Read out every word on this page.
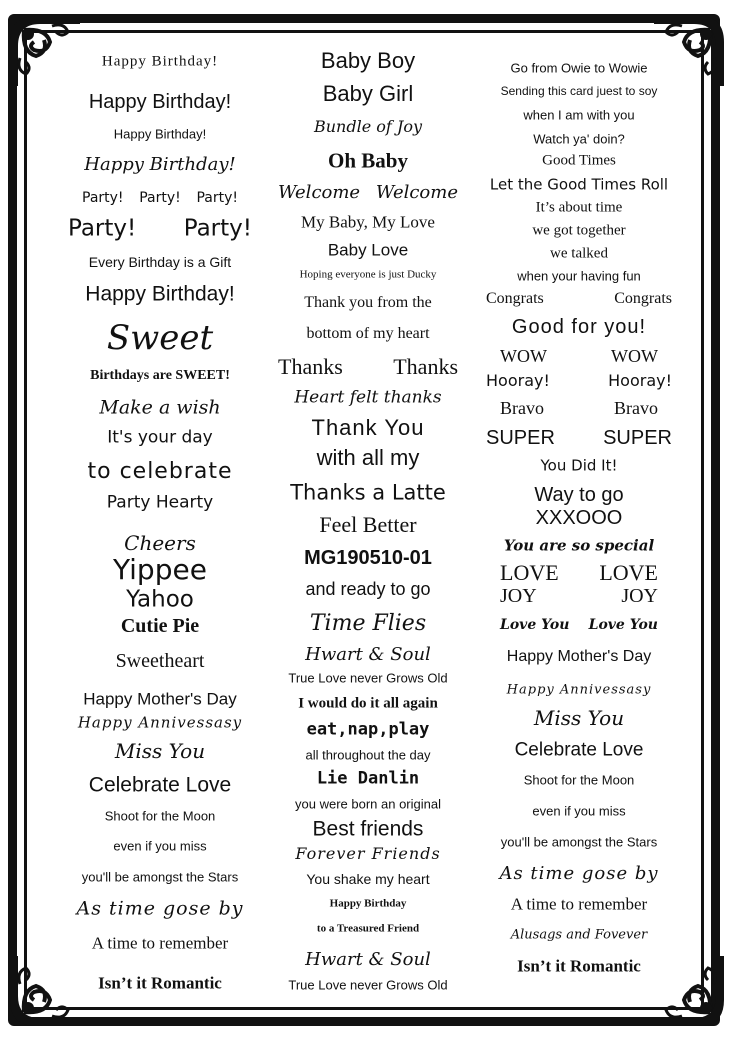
Happy Birthday!
Happy Birthday!
Happy Birthday!
Happy Birthday!
Party! Party! Party!
Party! Party!
Every Birthday is a Gift
Happy Birthday!
Sweet
Birthdays are SWEET!
Make a wish
It's your day
to celebrate
Party Hearty
Cheers
Yippee
Yahoo
Cutie Pie
Sweetheart
Happy Mother's Day
Happy Annivessasy
Miss You
Celebrate Love
Shoot for the Moon
even if you miss
you'll be amongst the Stars
As time gose by
A time to remember
Isn’t it Romantic
Baby Boy
Baby Girl
Bundle of Joy
Oh Baby
Welcome Welcome
My Baby, My Love
Baby Love
Hoping everyone is just Ducky
Thank you from the
bottom of my heart
Thanks Thanks
Heart felt thanks
Thank You
with all my
Thanks a Latte
Feel Better
MG190510-01
and ready to go
Time Flies
Hwart & Soul
True Love never Grows Old
I would do it all again
eat,nap,play
all throughout the day
Lie Danlin
you were born an original
Best friends
Forever Friends
You shake my heart
Happy Birthday
to a Treasured Friend
Hwart & Soul
True Love never Grows Old
Go from Owie to Wowie
Sending this card juest to soy
when I am with you
Watch ya' doin?
Good Times
Let the Good Times Roll
It’s about time
we got together
we talked
when your having fun
Congrats	Congrats
Good for you!
WOW	WOW
Hooray!	Hooray!
Bravo	Bravo
SUPER SUPER
You Did It!
Way to go
XXXOOO
You are so special
LOVE LOVE
JOY	JOY
Love You Love You
Happy Mother's Day
Happy Annivessasy
Miss You
Celebrate Love
Shoot for the Moon
even if you miss
you'll be amongst the Stars
As time gose by
A time to remember
Alusags and Fovever
Isn’t it Romantic
